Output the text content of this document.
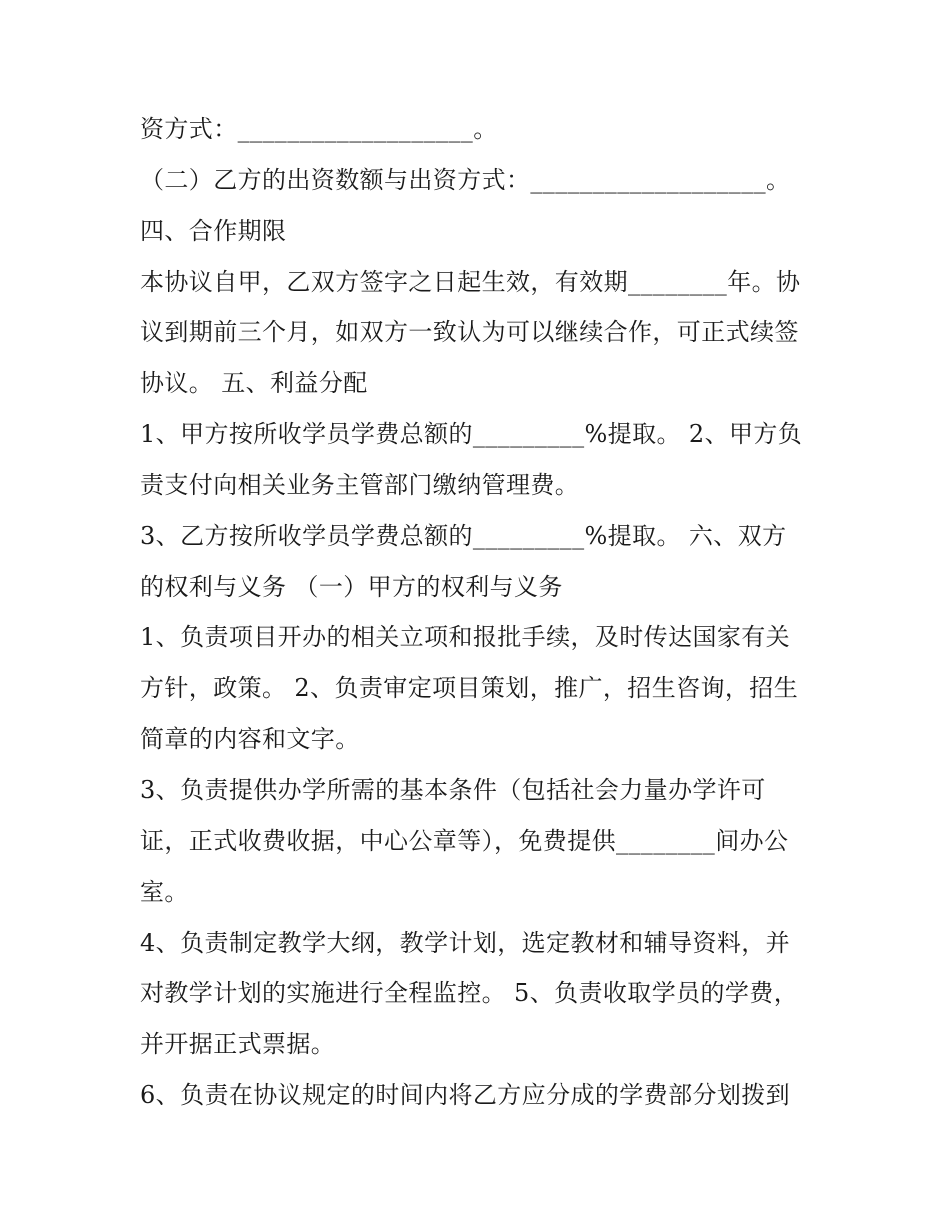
资方式：___________________。
（二）乙方的出资数额与出资方式：___________________。
四、合作期限
本协议自甲，乙双方签字之日起生效，有效期________年。协
议到期前三个月，如双方一致认为可以继续合作，可正式续签
协议。 五、利益分配
1、甲方按所收学员学费总额的_________%提取。 2、甲方负
责支付向相关业务主管部门缴纳管理费。
3、乙方按所收学员学费总额的_________%提取。 六、双方
的权利与义务 （一）甲方的权利与义务
1、负责项目开办的相关立项和报批手续，及时传达国家有关
方针，政策。 2、负责审定项目策划，推广，招生咨询，招生
简章的内容和文字。
3、负责提供办学所需的基本条件（包括社会力量办学许可
证，正式收费收据，中心公章等），免费提供________间办公
室。
4、负责制定教学大纲，教学计划，选定教材和辅导资料，并
对教学计划的实施进行全程监控。 5、负责收取学员的学费，
并开据正式票据。
6、负责在协议规定的时间内将乙方应分成的学费部分划拨到
